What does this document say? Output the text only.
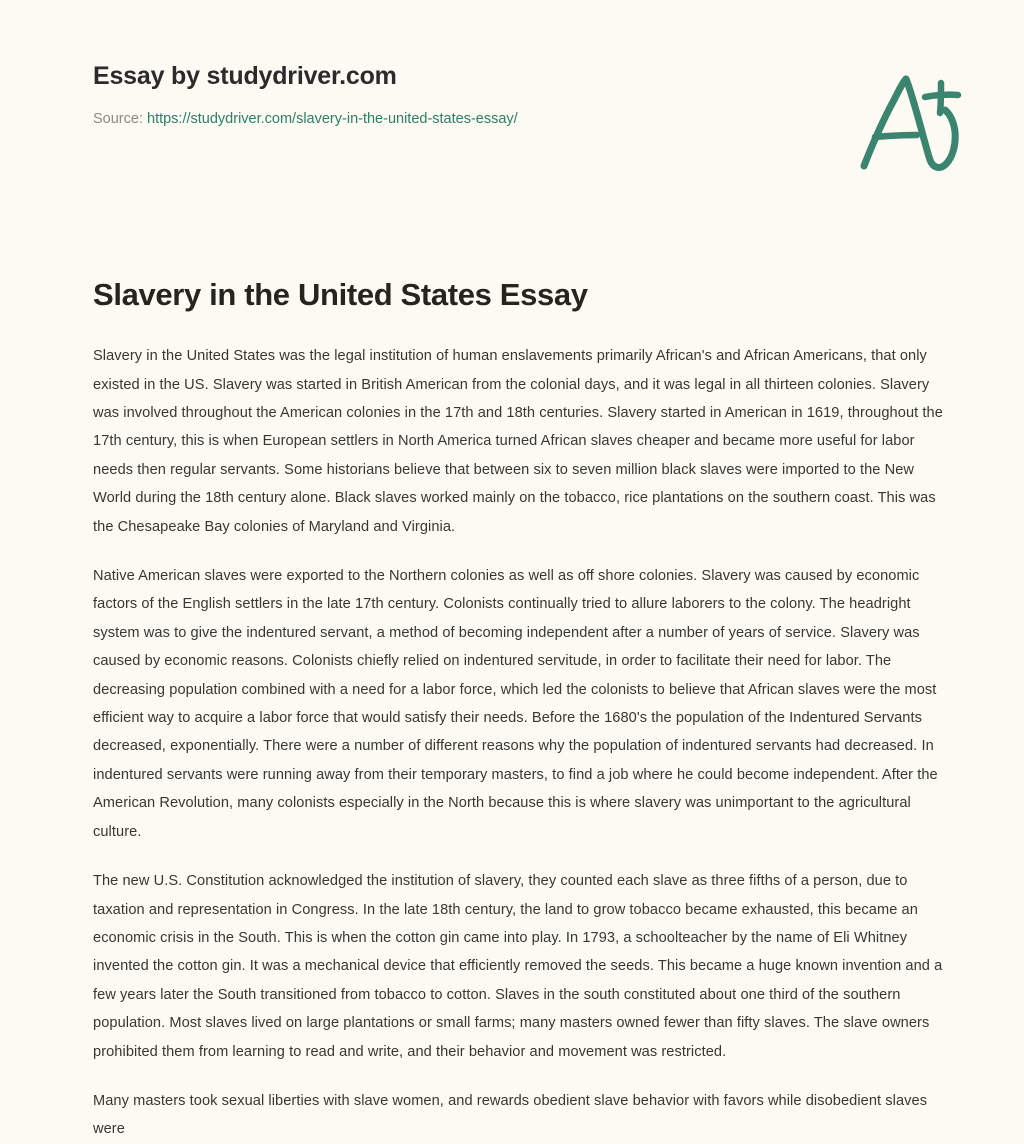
Essay by studydriver.com
Source: https://studydriver.com/slavery-in-the-united-states-essay/
Slavery in the United States Essay

Slavery in the United States was the legal institution of human enslavements primarily African's and African Americans, that only existed in the US. Slavery was started in British American from the colonial days, and it was legal in all thirteen colonies. Slavery was involved throughout the American colonies in the 17th and 18th centuries. Slavery started in American in 1619, throughout the 17th century, this is when European settlers in North America turned African slaves cheaper and became more useful for labor needs then regular servants. Some historians believe that between six to seven million black slaves were imported to the New World during the 18th century alone. Black slaves worked mainly on the tobacco, rice plantations on the southern coast. This was the Chesapeake Bay colonies of Maryland and Virginia.

Native American slaves were exported to the Northern colonies as well as off shore colonies. Slavery was caused by economic factors of the English settlers in the late 17th century. Colonists continually tried to allure laborers to the colony. The headright system was to give the indentured servant, a method of becoming independent after a number of years of service. Slavery was caused by economic reasons. Colonists chiefly relied on indentured servitude, in order to facilitate their need for labor. The decreasing population combined with a need for a labor force, which led the colonists to believe that African slaves were the most efficient way to acquire a labor force that would satisfy their needs. Before the 1680's the population of the Indentured Servants decreased, exponentially. There were a number of different reasons why the population of indentured servants had decreased. In indentured servants were running away from their temporary masters, to find a job where he could become independent. After the American Revolution, many colonists especially in the North because this is where slavery was unimportant to the agricultural culture.

The new U.S. Constitution acknowledged the institution of slavery, they counted each slave as three fifths of a person, due to taxation and representation in Congress. In the late 18th century, the land to grow tobacco became exhausted, this became an economic crisis in the South. This is when the cotton gin came into play. In 1793, a schoolteacher by the name of Eli Whitney invented the cotton gin. It was a mechanical device that efficiently removed the seeds. This became a huge known invention and a few years later the South transitioned from tobacco to cotton. Slaves in the south constituted about one third of the southern population. Most slaves lived on large plantations or small farms; many masters owned fewer than fifty slaves. The slave owners prohibited them from learning to read and write, and their behavior and movement was restricted.

Many masters took sexual liberties with slave women, and rewards obedient slave behavior with favors while disobedient slaves were
